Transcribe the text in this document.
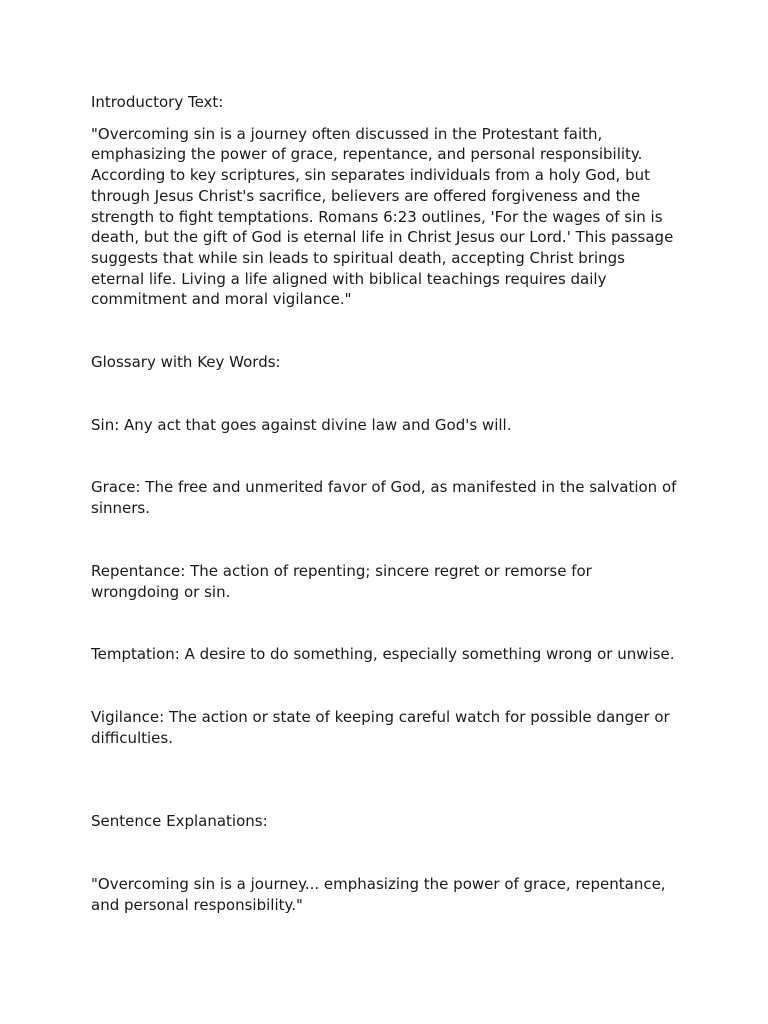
Introductory Text:

"Overcoming sin is a journey often discussed in the Protestant faith, emphasizing the power of grace, repentance, and personal responsibility. According to key scriptures, sin separates individuals from a holy God, but through Jesus Christ's sacrifice, believers are offered forgiveness and the strength to fight temptations. Romans 6:23 outlines, 'For the wages of sin is death, but the gift of God is eternal life in Christ Jesus our Lord.' This passage suggests that while sin leads to spiritual death, accepting Christ brings eternal life. Living a life aligned with biblical teachings requires daily commitment and moral vigilance."

Glossary with Key Words:

Sin: Any act that goes against divine law and God's will.

Grace: The free and unmerited favor of God, as manifested in the salvation of sinners.

Repentance: The action of repenting; sincere regret or remorse for wrongdoing or sin.

Temptation: A desire to do something, especially something wrong or unwise.

Vigilance: The action or state of keeping careful watch for possible danger or difficulties.

Sentence Explanations:

"Overcoming sin is a journey... emphasizing the power of grace, repentance, and personal responsibility."
